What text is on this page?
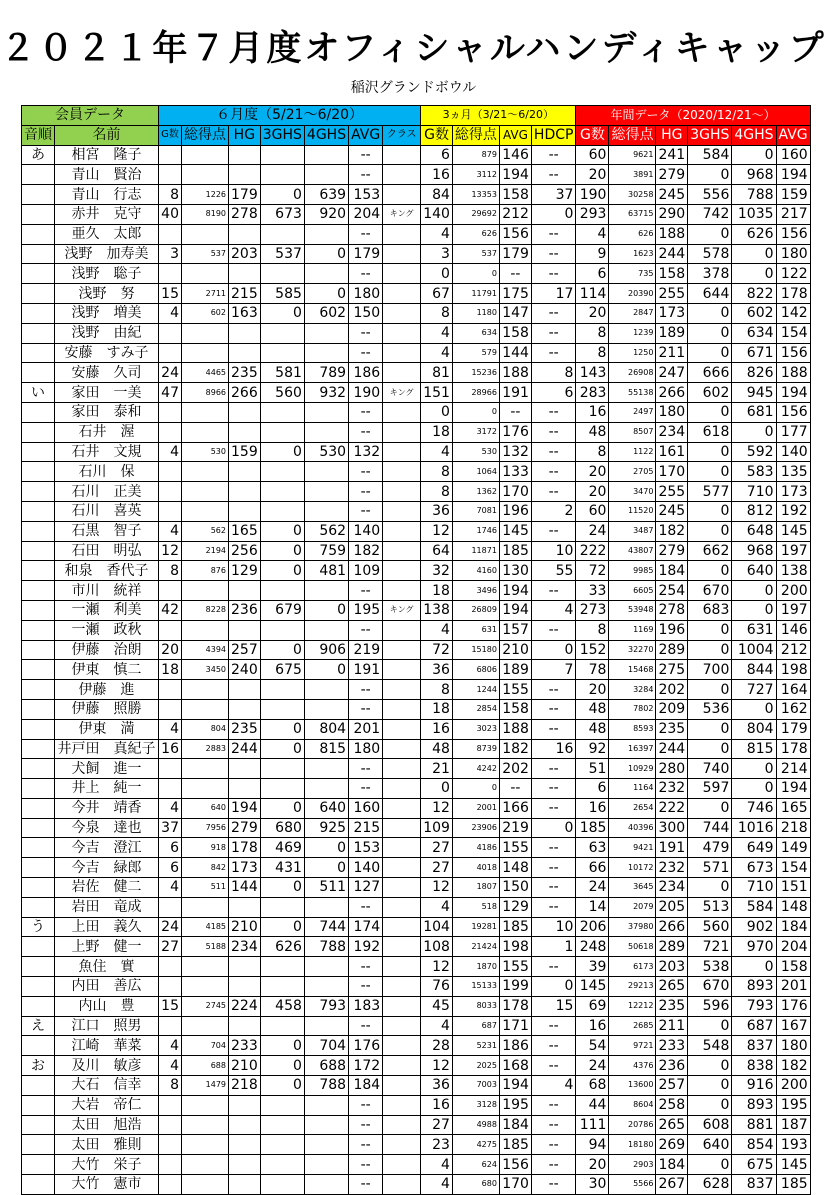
２０２１年７月度オフィシャルハンディキャップ
稲沢グランドボウル
会員データ		６月度（5/21～6/20）							3ヵ月（3/21～6/20）				年間データ（2020/12/21～）					
音順	名前	G数	総得点	HG	3GHS	4GHS	AVG	クラス	G数	総得点	AVG	HDCP	G数	総得点	HG	3GHS	4GHS	AVG
あ	相宮　隆子						--		6	879	146	--	60	9621	241	584	0	160
	青山　賢治						--		16	3112	194	--	20	3891	279	0	968	194
	青山　行志	8	1226	179	0	639	153		84	13353	158	37	190	30258	245	556	788	159
	赤井　克守	40	8190	278	673	920	204	キング	140	29692	212	0	293	63715	290	742	1035	217
	亜久　太郎						--		4	626	156	--	4	626	188	0	626	156
	浅野　加寿美	3	537	203	537	0	179		3	537	179	--	9	1623	244	578	0	180
	浅野　聡子						--		0	0	--	--	6	735	158	378	0	122
	浅野　努	15	2711	215	585	0	180		67	11791	175	17	114	20390	255	644	822	178
	浅野　増美	4	602	163	0	602	150		8	1180	147	--	20	2847	173	0	602	142
	浅野　由紀						--		4	634	158	--	8	1239	189	0	634	154
	安藤　すみ子						--		4	579	144	--	8	1250	211	0	671	156
	安藤　久司	24	4465	235	581	789	186		81	15236	188	8	143	26908	247	666	826	188
い	家田　一美	47	8966	266	560	932	190	キング	151	28966	191	6	283	55138	266	602	945	194
	家田　泰和						--		0	0	--	--	16	2497	180	0	681	156
	石井　渥						--		18	3172	176	--	48	8507	234	618	0	177
	石井　文規	4	530	159	0	530	132		4	530	132	--	8	1122	161	0	592	140
	石川　保						--		8	1064	133	--	20	2705	170	0	583	135
	石川　正美						--		8	1362	170	--	20	3470	255	577	710	173
	石川　喜英						--		36	7081	196	2	60	11520	245	0	812	192
	石黒　智子	4	562	165	0	562	140		12	1746	145	--	24	3487	182	0	648	145
	石田　明弘	12	2194	256	0	759	182		64	11871	185	10	222	43807	279	662	968	197
	和泉　香代子	8	876	129	0	481	109		32	4160	130	55	72	9985	184	0	640	138
	市川　統祥						--		18	3496	194	--	33	6605	254	670	0	200
	一瀬　利美	42	8228	236	679	0	195	キング	138	26809	194	4	273	53948	278	683	0	197
	一瀬　政秋						--		4	631	157	--	8	1169	196	0	631	146
	伊藤　治朗	20	4394	257	0	906	219		72	15180	210	0	152	32270	289	0	1004	212
	伊東　慎二	18	3450	240	675	0	191		36	6806	189	7	78	15468	275	700	844	198
	伊藤　進						--		8	1244	155	--	20	3284	202	0	727	164
	伊藤　照勝						--		18	2854	158	--	48	7802	209	536	0	162
	伊東　満	4	804	235	0	804	201		16	3023	188	--	48	8593	235	0	804	179
	井戸田　真紀子	16	2883	244	0	815	180		48	8739	182	16	92	16397	244	0	815	178
	犬飼　進一						--		21	4242	202	--	51	10929	280	740	0	214
	井上　純一						--		0	0	--	--	6	1164	232	597	0	194
	今井　靖香	4	640	194	0	640	160		12	2001	166	--	16	2654	222	0	746	165
	今泉　達也	37	7956	279	680	925	215		109	23906	219	0	185	40396	300	744	1016	218
	今吉　澄江	6	918	178	469	0	153		27	4186	155	--	63	9421	191	479	649	149
	今吉　緑郎	6	842	173	431	0	140		27	4018	148	--	66	10172	232	571	673	154
	岩佐　健二	4	511	144	0	511	127		12	1807	150	--	24	3645	234	0	710	151
	岩田　竜成						--		4	518	129	--	14	2079	205	513	584	148
う	上田　義久	24	4185	210	0	744	174		104	19281	185	10	206	37980	266	560	902	184
	上野　健一	27	5188	234	626	788	192		108	21424	198	1	248	50618	289	721	970	204
	魚住　實						--		12	1870	155	--	39	6173	203	538	0	158
	内田　善広						--		76	15133	199	0	145	29213	265	670	893	201
	内山　豊	15	2745	224	458	793	183		45	8033	178	15	69	12212	235	596	793	176
え	江口　照男						--		4	687	171	--	16	2685	211	0	687	167
	江崎　華菜	4	704	233	0	704	176		28	5231	186	--	54	9721	233	548	837	180
お	及川　敏彦	4	688	210	0	688	172		12	2025	168	--	24	4376	236	0	838	182
	大石　信幸	8	1479	218	0	788	184		36	7003	194	4	68	13600	257	0	916	200
	大岩　帝仁						--		16	3128	195	--	44	8604	258	0	893	195
	太田　旭浩						--		27	4988	184	--	111	20786	265	608	881	187
	太田　雅則						--		23	4275	185	--	94	18180	269	640	854	193
	大竹　栄子						--		4	624	156	--	20	2903	184	0	675	145
	大竹　憲市						--		4	680	170	--	30	5566	267	628	837	185
